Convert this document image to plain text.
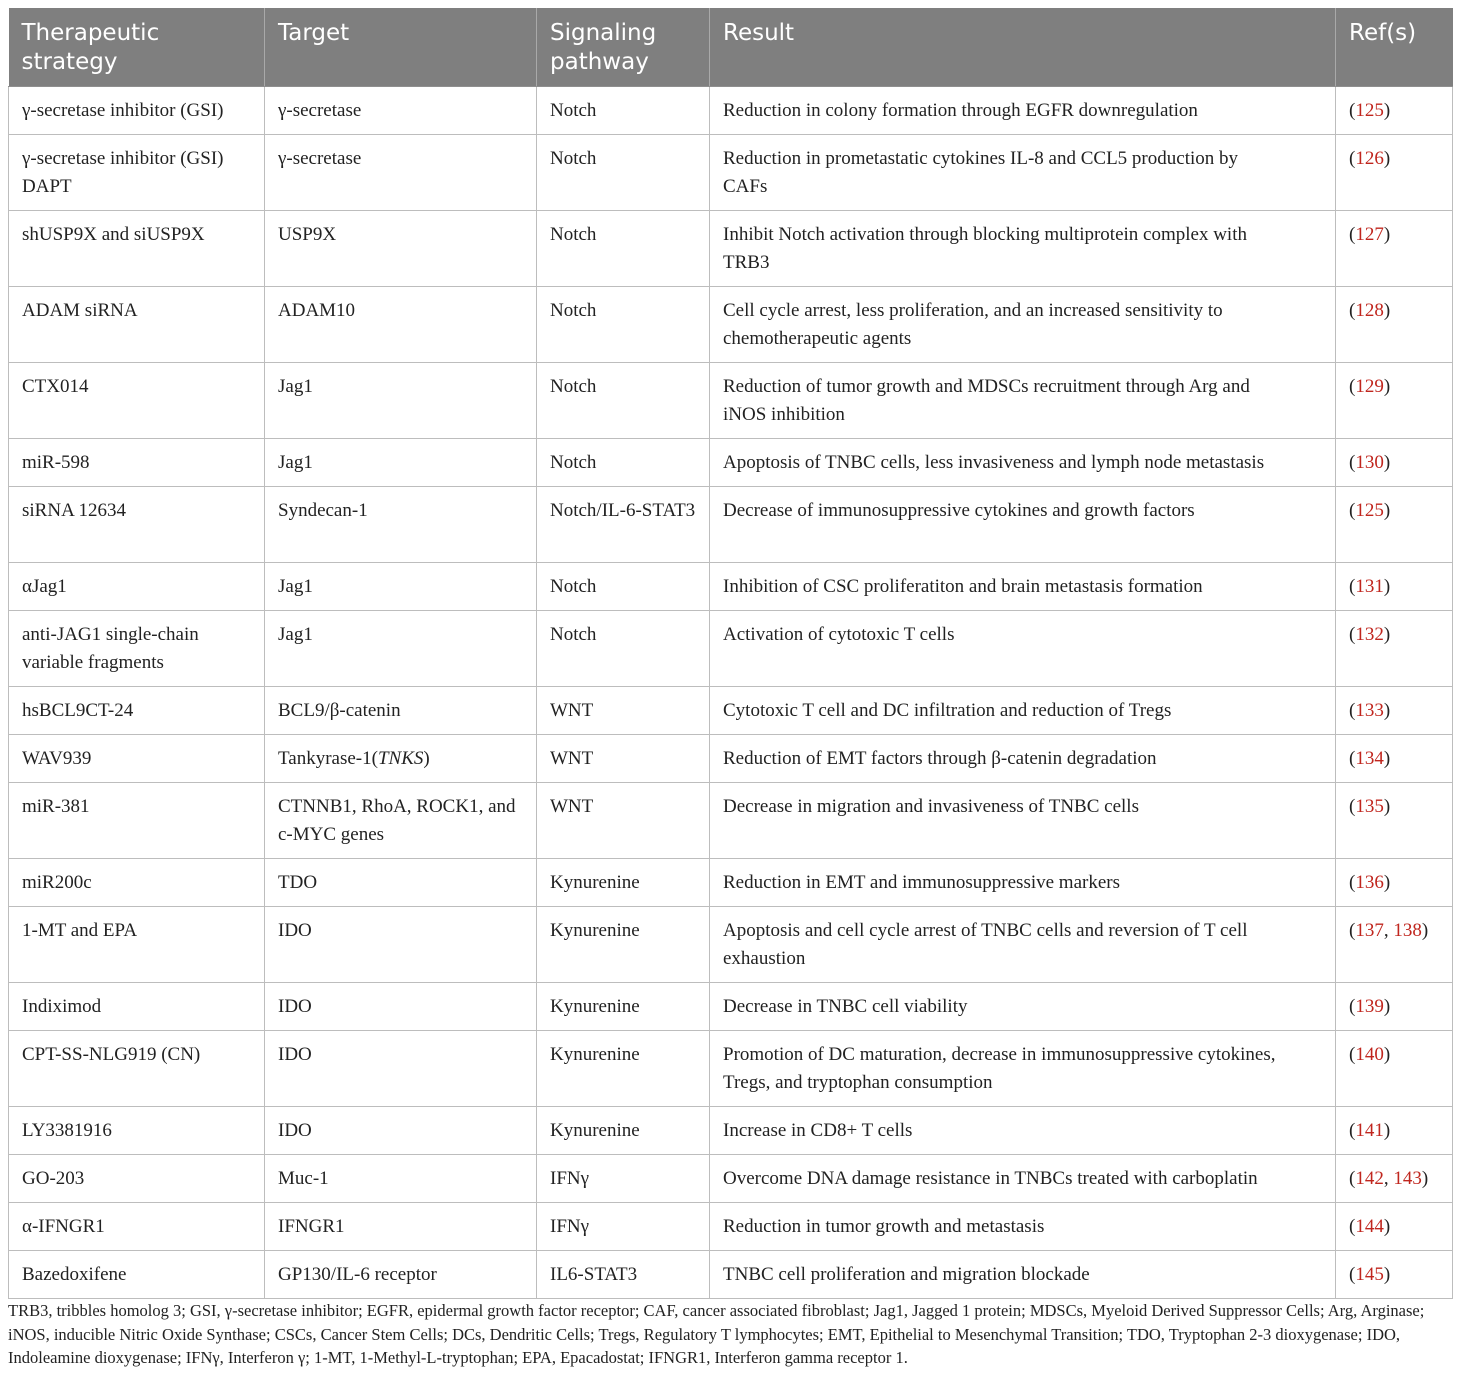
Therapeutic strategy	Target	Signaling pathway	Result	Ref(s)
γ-secretase inhibitor (GSI)	γ-secretase	Notch	Reduction in colony formation through EGFR downregulation	(125)
γ-secretase inhibitor (GSI) DAPT	γ-secretase	Notch	Reduction in prometastatic cytokines IL-8 and CCL5 production by CAFs	(126)
shUSP9X and siUSP9X	USP9X	Notch	Inhibit Notch activation through blocking multiprotein complex with TRB3	(127)
ADAM siRNA	ADAM10	Notch	Cell cycle arrest, less proliferation, and an increased sensitivity to chemotherapeutic agents	(128)
CTX014	Jag1	Notch	Reduction of tumor growth and MDSCs recruitment through Arg and iNOS inhibition	(129)
miR-598	Jag1	Notch	Apoptosis of TNBC cells, less invasiveness and lymph node metastasis	(130)
siRNA 12634	Syndecan-1	Notch/IL-6-STAT3	Decrease of immunosuppressive cytokines and growth factors	(125)
αJag1	Jag1	Notch	Inhibition of CSC proliferatiton and brain metastasis formation	(131)
anti-JAG1 single-chain variable fragments	Jag1	Notch	Activation of cytotoxic T cells	(132)
hsBCL9CT-24	BCL9/β-catenin	WNT	Cytotoxic T cell and DC infiltration and reduction of Tregs	(133)
WAV939	Tankyrase-1(TNKS)	WNT	Reduction of EMT factors through β-catenin degradation	(134)
miR-381	CTNNB1, RhoA, ROCK1, and c-MYC genes	WNT	Decrease in migration and invasiveness of TNBC cells	(135)
miR200c	TDO	Kynurenine	Reduction in EMT and immunosuppressive markers	(136)
1-MT and EPA	IDO	Kynurenine	Apoptosis and cell cycle arrest of TNBC cells and reversion of T cell exhaustion	(137, 138)
Indiximod	IDO	Kynurenine	Decrease in TNBC cell viability	(139)
CPT-SS-NLG919 (CN)	IDO	Kynurenine	Promotion of DC maturation, decrease in immunosuppressive cytokines, Tregs, and tryptophan consumption	(140)
LY3381916	IDO	Kynurenine	Increase in CD8+ T cells	(141)
GO-203	Muc-1	IFNγ	Overcome DNA damage resistance in TNBCs treated with carboplatin	(142, 143)
α-IFNGR1	IFNGR1	IFNγ	Reduction in tumor growth and metastasis	(144)
Bazedoxifene	GP130/IL-6 receptor	IL6-STAT3	TNBC cell proliferation and migration blockade	(145)
TRB3, tribbles homolog 3; GSI, γ-secretase inhibitor; EGFR, epidermal growth factor receptor; CAF, cancer associated fibroblast; Jag1, Jagged 1 protein; MDSCs, Myeloid Derived Suppressor Cells; Arg, Arginase; iNOS, inducible Nitric Oxide Synthase; CSCs, Cancer Stem Cells; DCs, Dendritic Cells; Tregs, Regulatory T lymphocytes; EMT, Epithelial to Mesenchymal Transition; TDO, Tryptophan 2-3 dioxygenase; IDO, Indoleamine dioxygenase; IFNγ, Interferon γ; 1-MT, 1-Methyl-L-tryptophan; EPA, Epacadostat; IFNGR1, Interferon gamma receptor 1.
